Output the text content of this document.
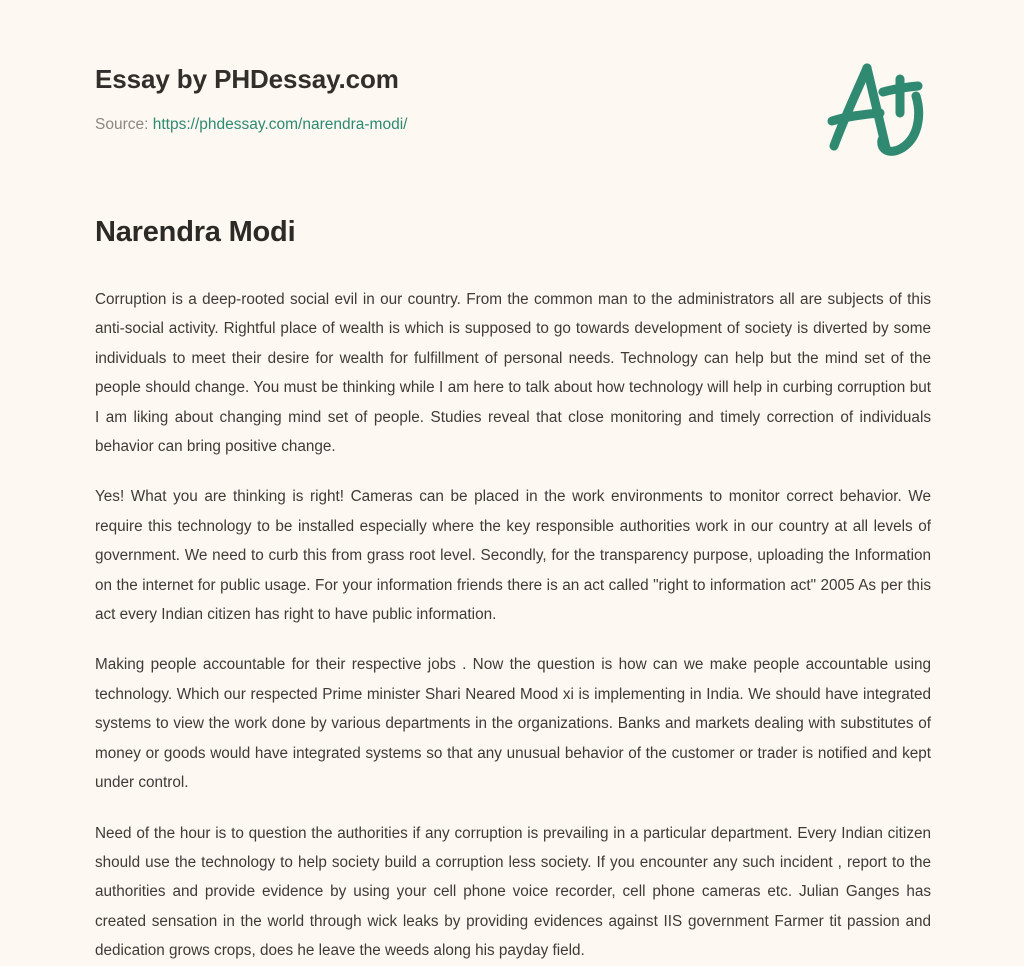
Essay by PHDessay.com
Source: https://phdessay.com/narendra-modi/
Narendra Modi

Corruption is a deep-rooted social evil in our country. From the common man to the administrators all are subjects of this anti-social activity. Rightful place of wealth is which is supposed to go towards development of society is diverted by some individuals to meet their desire for wealth for fulfillment of personal needs. Technology can help but the mind set of the people should change. You must be thinking while I am here to talk about how technology will help in curbing corruption but I am liking about changing mind set of people. Studies reveal that close monitoring and timely correction of individuals behavior can bring positive change.

Yes! What you are thinking is right! Cameras can be placed in the work environments to monitor correct behavior. We require this technology to be installed especially where the key responsible authorities work in our country at all levels of government. We need to curb this from grass root level. Secondly, for the transparency purpose, uploading the Information on the internet for public usage. For your information friends there is an act called "right to information act" 2005 As per this act every Indian citizen has right to have public information.

Making people accountable for their respective jobs . Now the question is how can we make people accountable using technology. Which our respected Prime minister Shari Neared Mood xi is implementing in India. We should have integrated systems to view the work done by various departments in the organizations. Banks and markets dealing with substitutes of money or goods would have integrated systems so that any unusual behavior of the customer or trader is notified and kept under control.

Need of the hour is to question the authorities if any corruption is prevailing in a particular department. Every Indian citizen should use the technology to help society build a corruption less society. If you encounter any such incident , report to the authorities and provide evidence by using your cell phone voice recorder, cell phone cameras etc. Julian Ganges has created sensation in the world through wick leaks by providing evidences against IIS government Farmer tit passion and dedication grows crops, does he leave the weeds along his payday field.
